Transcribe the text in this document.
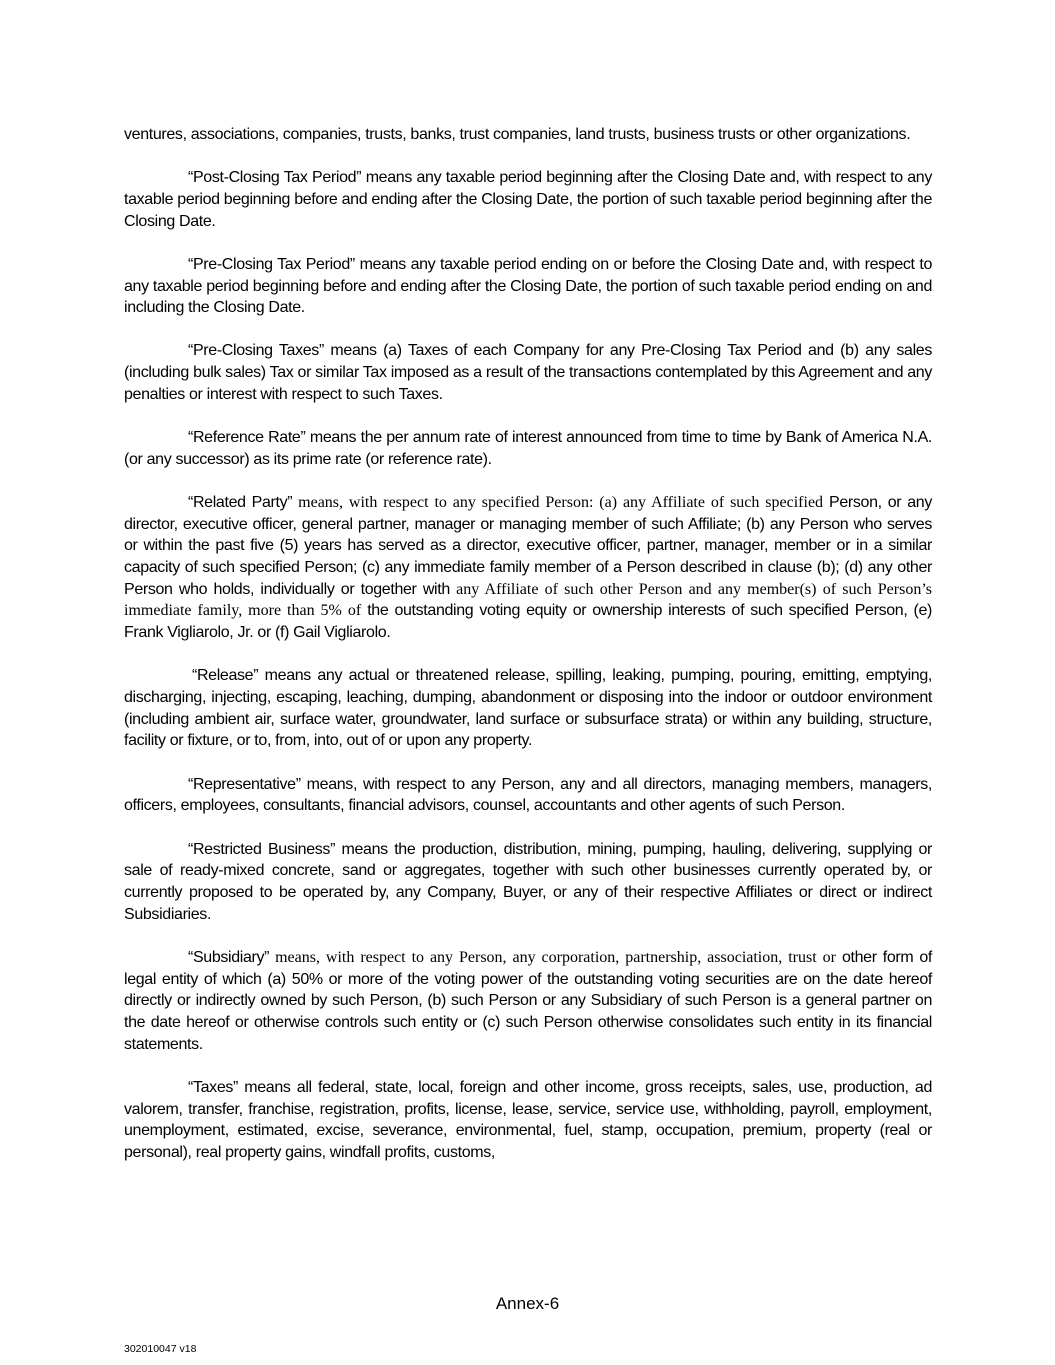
ventures, associations, companies, trusts, banks, trust companies, land trusts, business trusts or other organizations.

“Post-Closing Tax Period” means any taxable period beginning after the Closing Date and, with respect to any taxable period beginning before and ending after the Closing Date, the portion of such taxable period beginning after the Closing Date.

“Pre-Closing Tax Period” means any taxable period ending on or before the Closing Date and, with respect to any taxable period beginning before and ending after the Closing Date, the portion of such taxable period ending on and including the Closing Date.

“Pre-Closing Taxes” means (a) Taxes of each Company for any Pre-Closing Tax Period and (b) any sales (including bulk sales) Tax or similar Tax imposed as a result of the transactions contemplated by this Agreement and any penalties or interest with respect to such Taxes.

“Reference Rate” means the per annum rate of interest announced from time to time by Bank of America N.A. (or any successor) as its prime rate (or reference rate).

“Related Party” means, with respect to any specified Person: (a) any Affiliate of such specified Person, or any director, executive officer, general partner, manager or managing member of such Affiliate; (b) any Person who serves or within the past five (5) years has served as a director, executive officer, partner, manager, member or in a similar capacity of such specified Person; (c) any immediate family member of a Person described in clause (b); (d) any other Person who holds, individually or together with any Affiliate of such other Person and any member(s) of such Person’s immediate family, more than 5% of the outstanding voting equity or ownership interests of such specified Person, (e) Frank Vigliarolo, Jr. or (f) Gail Vigliarolo.

“Release” means any actual or threatened release, spilling, leaking, pumping, pouring, emitting, emptying, discharging, injecting, escaping, leaching, dumping, abandonment or disposing into the indoor or outdoor environment (including ambient air, surface water, groundwater, land surface or subsurface strata) or within any building, structure, facility or fixture, or to, from, into, out of or upon any property.

“Representative” means, with respect to any Person, any and all directors, managing members, managers, officers, employees, consultants, financial advisors, counsel, accountants and other agents of such Person.

“Restricted Business” means the production, distribution, mining, pumping, hauling, delivering, supplying or sale of ready-mixed concrete, sand or aggregates, together with such other businesses currently operated by, or currently proposed to be operated by, any Company, Buyer, or any of their respective Affiliates or direct or indirect Subsidiaries.

“Subsidiary” means, with respect to any Person, any corporation, partnership, association, trust or other form of legal entity of which (a) 50% or more of the voting power of the outstanding voting securities are on the date hereof directly or indirectly owned by such Person, (b) such Person or any Subsidiary of such Person is a general partner on the date hereof or otherwise controls such entity or (c) such Person otherwise consolidates such entity in its financial statements.

“Taxes” means all federal, state, local, foreign and other income, gross receipts, sales, use, production, ad valorem, transfer, franchise, registration, profits, license, lease, service, service use, withholding, payroll, employment, unemployment, estimated, excise, severance, environmental, fuel, stamp, occupation, premium, property (real or personal), real property gains, windfall profits, customs,

Annex-6
302010047 v18
